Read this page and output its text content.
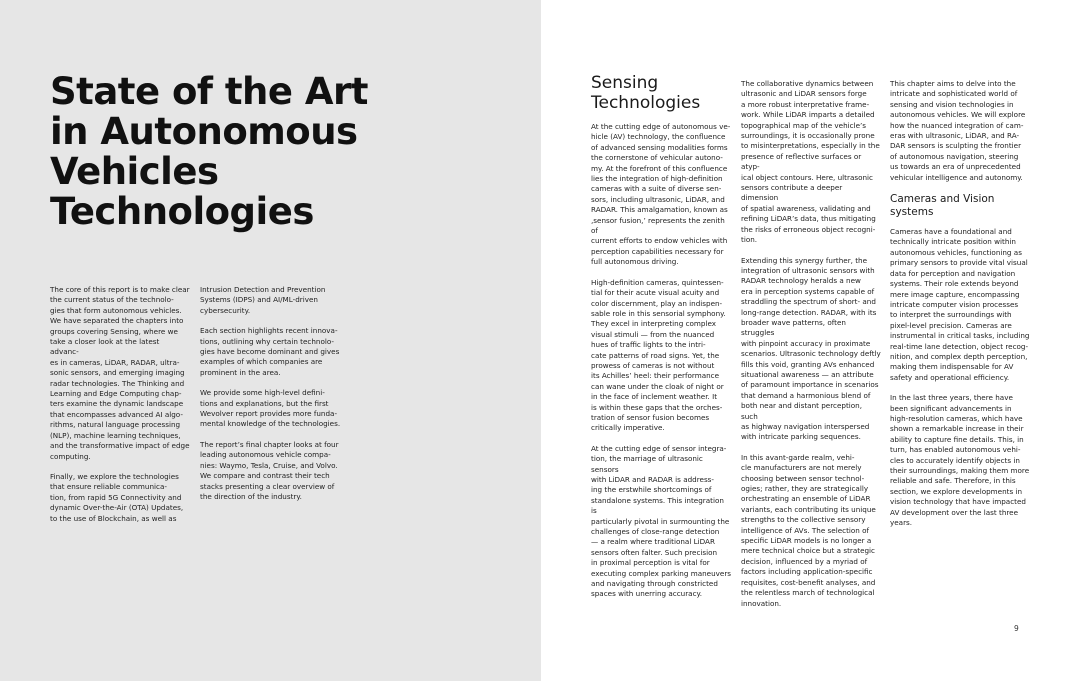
State of the Art
in Autonomous
Vehicles
Technologies

The core of this report is to make clear
the current status of the technolo-
gies that form autonomous vehicles.
We have separated the chapters into
groups covering Sensing, where we
take a closer look at the latest advanc-
es in cameras, LiDAR, RADAR, ultra-
sonic sensors, and emerging imaging
radar technologies. The Thinking and
Learning and Edge Computing chap-
ters examine the dynamic landscape
that encompasses advanced AI algo-
rithms, natural language processing
(NLP), machine learning techniques,
and the transformative impact of edge
computing.

Finally, we explore the technologies
that ensure reliable communica-
tion, from rapid 5G Connectivity and
dynamic Over-the-Air (OTA) Updates,
to the use of Blockchain, as well as

Intrusion Detection and Prevention
Systems (IDPS) and AI/ML-driven
cybersecurity.

Each section highlights recent innova-
tions, outlining why certain technolo-
gies have become dominant and gives
examples of which companies are
prominent in the area.

We provide some high-level defini-
tions and explanations, but the first
Wevolver report provides more funda-
mental knowledge of the technologies.

The report’s final chapter looks at four
leading autonomous vehicle compa-
nies: Waymo, Tesla, Cruise, and Volvo.
We compare and contrast their tech
stacks presenting a clear overview of
the direction of the industry.

Sensing
Technologies

At the cutting edge of autonomous ve-
hicle (AV) technology, the confluence
of advanced sensing modalities forms
the cornerstone of vehicular autono-
my. At the forefront of this confluence
lies the integration of high-definition
cameras with a suite of diverse sen-
sors, including ultrasonic, LiDAR, and
RADAR. This amalgamation, known as
‚sensor fusion,’ represents the zenith of
current efforts to endow vehicles with
perception capabilities necessary for
full autonomous driving.

High-definition cameras, quintessen-
tial for their acute visual acuity and
color discernment, play an indispen-
sable role in this sensorial symphony.
They excel in interpreting complex
visual stimuli — from the nuanced
hues of traffic lights to the intri-
cate patterns of road signs. Yet, the
prowess of cameras is not without
its Achilles’ heel: their performance
can wane under the cloak of night or
in the face of inclement weather. It
is within these gaps that the orches-
tration of sensor fusion becomes
critically imperative.

At the cutting edge of sensor integra-
tion, the marriage of ultrasonic sensors
with LiDAR and RADAR is address-
ing the erstwhile shortcomings of
standalone systems. This integration is
particularly pivotal in surmounting the
challenges of close-range detection
— a realm where traditional LiDAR
sensors often falter. Such precision
in proximal perception is vital for
executing complex parking maneuvers
and navigating through constricted
spaces with unerring accuracy.

The collaborative dynamics between
ultrasonic and LiDAR sensors forge
a more robust interpretative frame-
work. While LiDAR imparts a detailed
topographical map of the vehicle’s
surroundings, it is occasionally prone
to misinterpretations, especially in the
presence of reflective surfaces or atyp-
ical object contours. Here, ultrasonic
sensors contribute a deeper dimension
of spatial awareness, validating and
refining LiDAR’s data, thus mitigating
the risks of erroneous object recogni-
tion.

Extending this synergy further, the
integration of ultrasonic sensors with
RADAR technology heralds a new
era in perception systems capable of
straddling the spectrum of short- and
long-range detection. RADAR, with its
broader wave patterns, often struggles
with pinpoint accuracy in proximate
scenarios. Ultrasonic technology deftly
fills this void, granting AVs enhanced
situational awareness — an attribute
of paramount importance in scenarios
that demand a harmonious blend of
both near and distant perception, such
as highway navigation interspersed
with intricate parking sequences.

In this avant-garde realm, vehi-
cle manufacturers are not merely
choosing between sensor technol-
ogies; rather, they are strategically
orchestrating an ensemble of LiDAR
variants, each contributing its unique
strengths to the collective sensory
intelligence of AVs. The selection of
specific LiDAR models is no longer a
mere technical choice but a strategic
decision, influenced by a myriad of
factors including application-specific
requisites, cost-benefit analyses, and
the relentless march of technological
innovation.

This chapter aims to delve into the
intricate and sophisticated world of
sensing and vision technologies in
autonomous vehicles. We will explore
how the nuanced integration of cam-
eras with ultrasonic, LiDAR, and RA-
DAR sensors is sculpting the frontier
of autonomous navigation, steering
us towards an era of unprecedented
vehicular intelligence and autonomy.

Cameras and Vision
systems

Cameras have a foundational and
technically intricate position within
autonomous vehicles, functioning as
primary sensors to provide vital visual
data for perception and navigation
systems. Their role extends beyond
mere image capture, encompassing
intricate computer vision processes
to interpret the surroundings with
pixel-level precision. Cameras are
instrumental in critical tasks, including
real-time lane detection, object recog-
nition, and complex depth perception,
making them indispensable for AV
safety and operational efficiency.

In the last three years, there have
been significant advancements in
high-resolution cameras, which have
shown a remarkable increase in their
ability to capture fine details. This, in
turn, has enabled autonomous vehi-
cles to accurately identify objects in
their surroundings, making them more
reliable and safe. Therefore, in this
section, we explore developments in
vision technology that have impacted
AV development over the last three
years.

9
